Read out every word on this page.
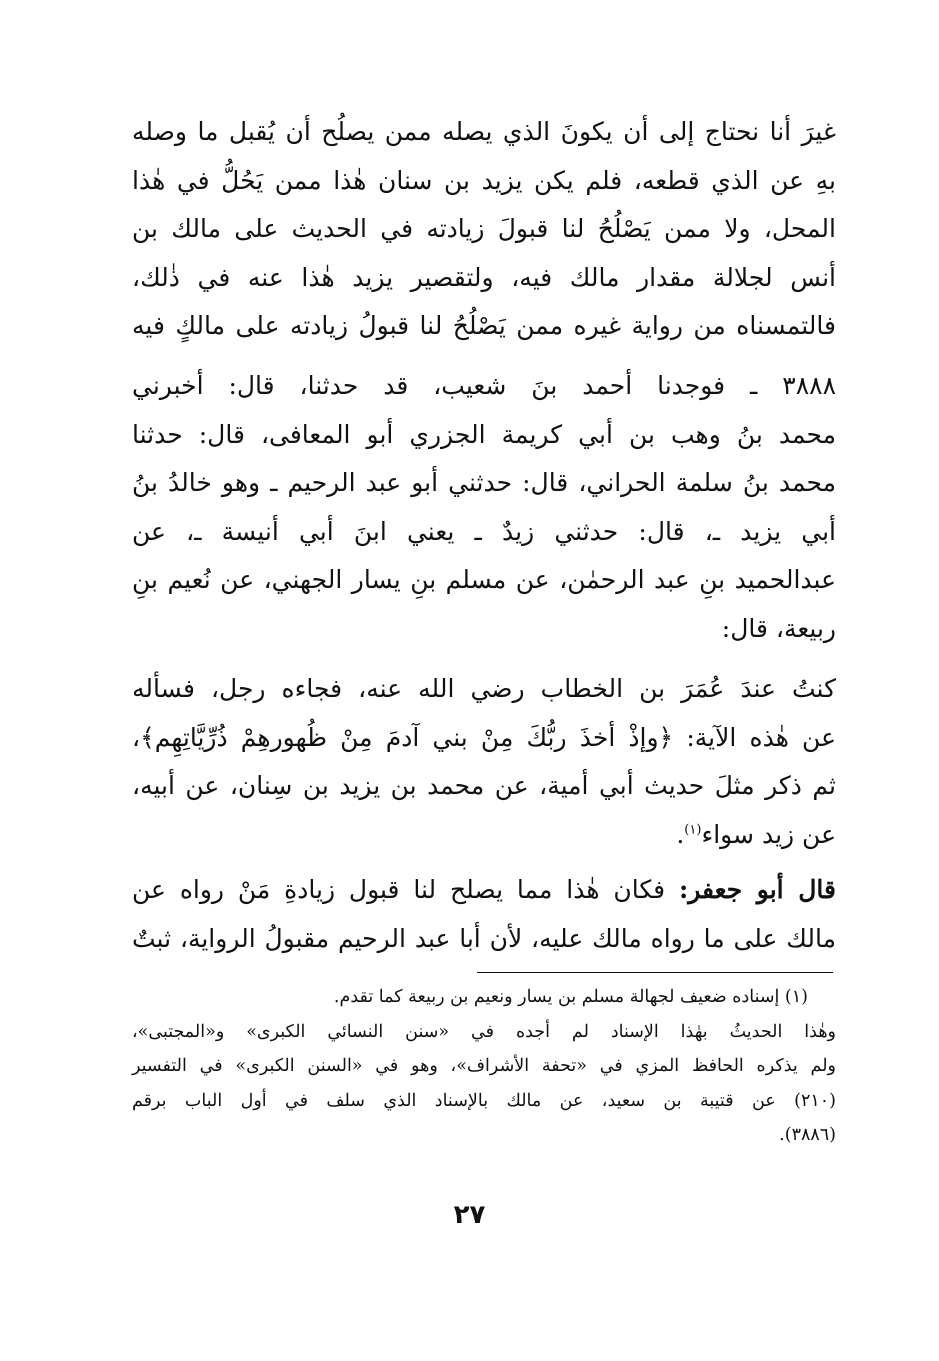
غيرَ أنا نحتاج إلى أن يكونَ الذي يصله ممن يصلُح أن يُقبل ما وصله
بهِ عن الذي قطعه، فلم يكن يزيد بن سنان هٰذا ممن يَحُلُّ في هٰذا
المحل، ولا ممن يَصْلُحُ لنا قبولَ زيادته في الحديث على مالك بن
أنس لجلالة مقدار مالك فيه، ولتقصير يزيد هٰذا عنه في ذٰلك،
فالتمسناه من رواية غيره ممن يَصْلُحُ لنا قبولُ زيادته على مالكٍ فيه
٣٨٨٨ ـ فوجدنا أحمد بنَ شعيب، قد حدثنا، قال: أخبرني
محمد بنُ وهب بن أبي كريمة الجزري أبو المعافى، قال: حدثنا
محمد بنُ سلمة الحراني، قال: حدثني أبو عبد الرحيم ـ وهو خالدُ بنُ
أبي يزيد ـ، قال: حدثني زيدٌ ـ يعني ابنَ أبي أنيسة ـ، عن
عبدالحميد بنِ عبد الرحمٰن، عن مسلم بنِ يسار الجهني، عن نُعيم بنِ
ربيعة، قال:
كنتُ عندَ عُمَرَ بن الخطاب رضي الله عنه، فجاءه رجل، فسأله
عن هٰذه الآية: ﴿وإذْ أخذَ ربُّكَ مِنْ بني آدمَ مِنْ ظُهورهِمْ ذُرِّيَّاتِهِم﴾،
ثم ذكر مثلَ حديث أبي أمية، عن محمد بن يزيد بن سِنان، عن أبيه،
عن زيد سواء$^{(١)}$.
قال أبو جعفر: فكان هٰذا مما يصلح لنا قبول زيادةِ مَنْ رواه عن
مالك على ما رواه مالك عليه، لأن أبا عبد الرحيم مقبولُ الرواية، ثبتٌ
(١) إسناده ضعيف لجهالة مسلم بن يسار ونعيم بن ربيعة كما تقدم.
وهٰذا الحديثُ بهٰذا الإسناد لم أجده في «سنن النسائي الكبرى» و«المجتبى»،
ولم يذكره الحافظ المزي في «تحفة الأشراف»، وهو في «السنن الكبرى» في التفسير
(٢١٠) عن قتيبة بن سعيد، عن مالك بالإسناد الذي سلف في أول الباب برقم
(٣٨٨٦).
٢٧
